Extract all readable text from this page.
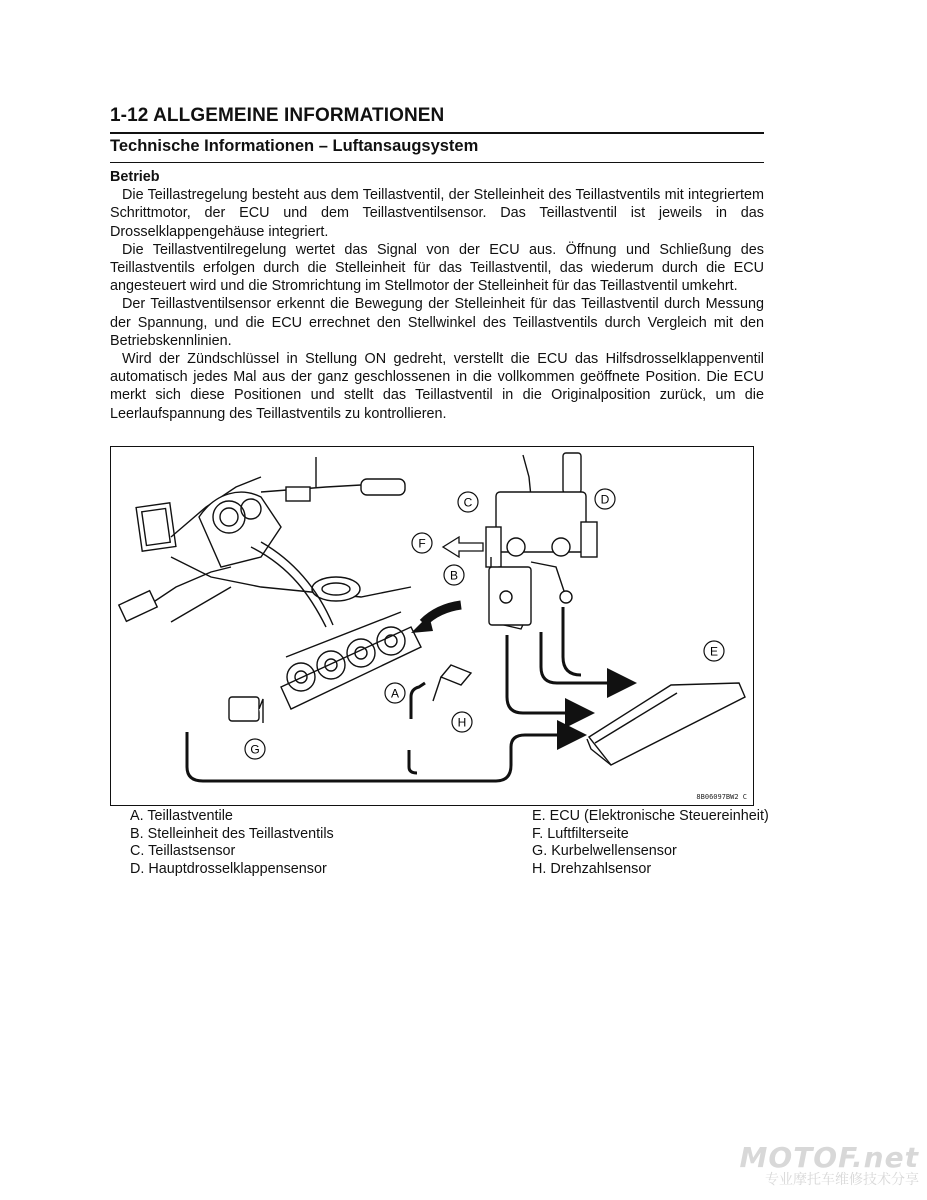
1-12 ALLGEMEINE INFORMATIONEN
Technische Informationen – Luftansaugsystem
Betrieb

Die Teillastregelung besteht aus dem Teillastventil, der Stelleinheit des Teillastventils mit integriertem Schrittmotor, der ECU und dem Teillastventilsensor. Das Teillastventil ist jeweils in das Drosselklappengehäuse integriert.

Die Teillastventilregelung wertet das Signal von der ECU aus. Öffnung und Schließung des Teillastventils erfolgen durch die Stelleinheit für das Teillastventil, das wiederum durch die ECU angesteuert wird und die Stromrichtung im Stellmotor der Stelleinheit für das Teillastventil umkehrt.

Der Teillastventilsensor erkennt die Bewegung der Stelleinheit für das Teillastventil durch Messung der Spannung, und die ECU errechnet den Stellwinkel des Teillastventils durch Vergleich mit den Betriebskennlinien.

Wird der Zündschlüssel in Stellung ON gedreht, verstellt die ECU das Hilfsdrosselklappenventil automatisch jedes Mal aus der ganz geschlossenen in die vollkommen geöffnete Position. Die ECU merkt sich diese Positionen und stellt das Teillastventil in die Originalposition zurück, um die Leerlaufspannung des Teillastventils zu kontrollieren.

A
B
C	D
E
F
G
H
8B06097BW2 C
A. Teillastventile
B. Stelleinheit des Teillastventils
C. Teillastsensor
D. Hauptdrosselklappensensor
E. ECU (Elektronische Steuereinheit)
F. Luftfilterseite
G. Kurbelwellensensor
H. Drehzahlsensor
MOTOF.net
专业摩托车维修技术分享
